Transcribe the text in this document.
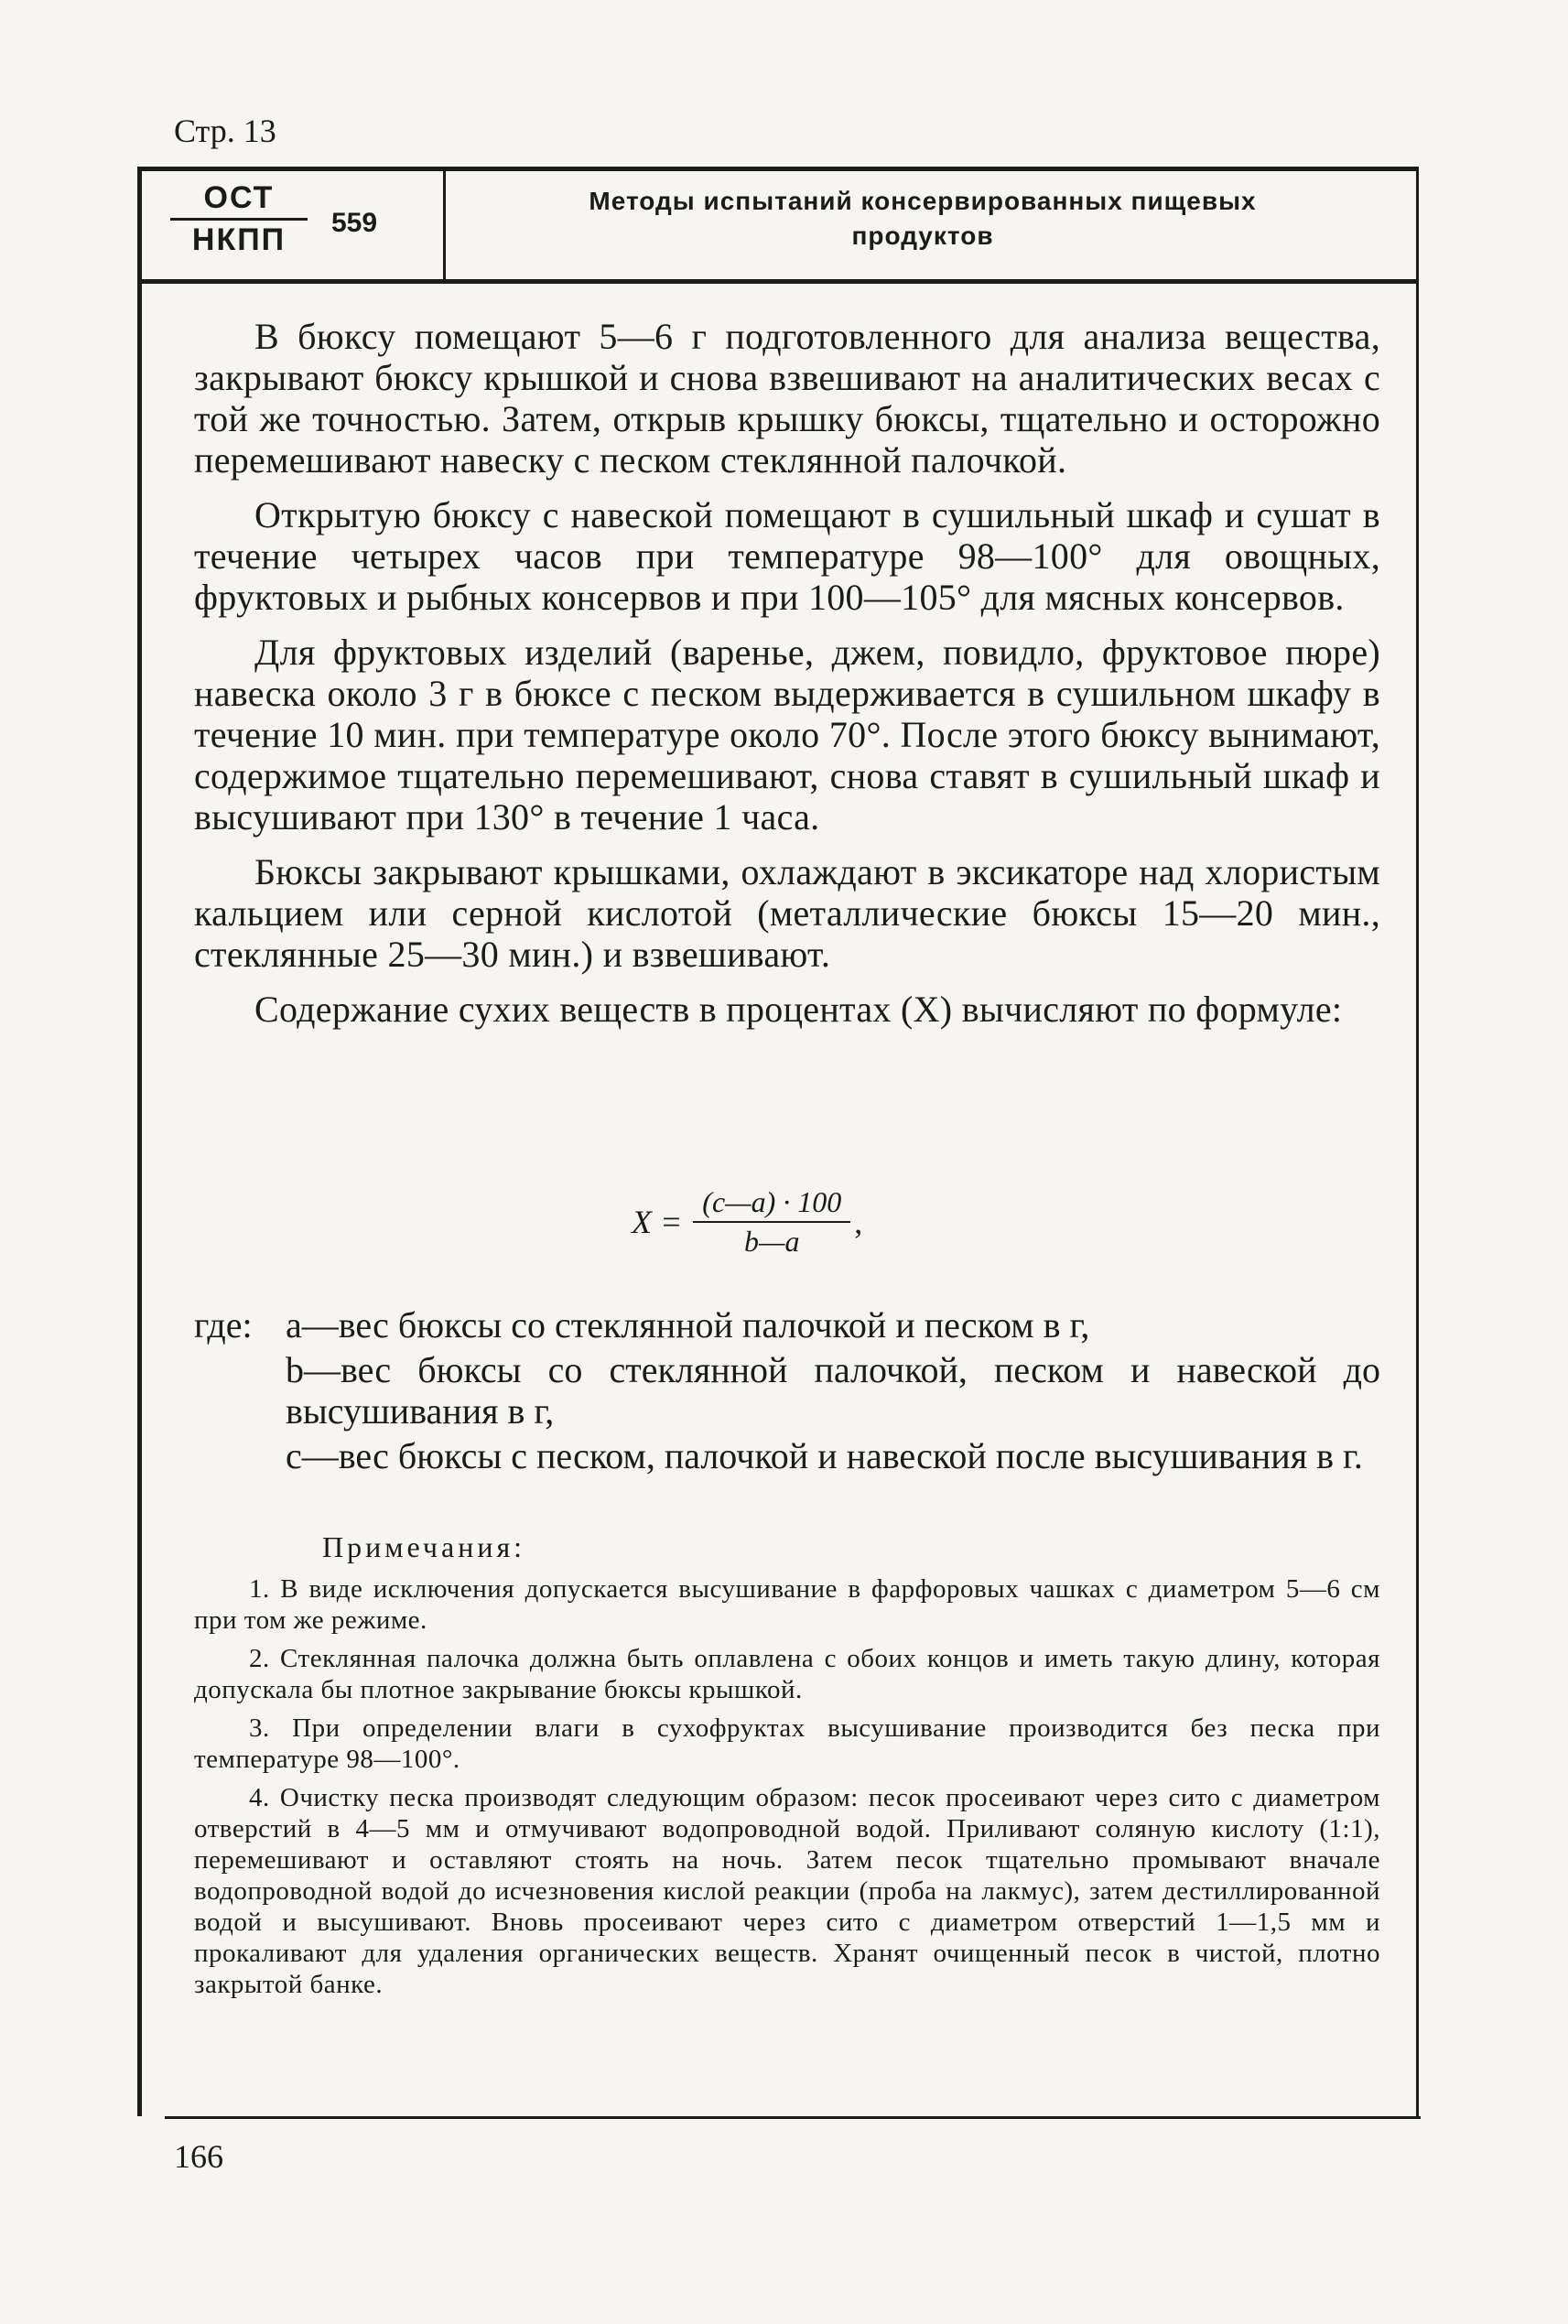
Стр. 13
ОСТ
НКПП	559
Методы испытаний консервированных пищевых
продуктов

В бюксу помещают 5—6 г подготовленного для анализа вещества, закрывают бюксу крышкой и снова взвешивают на аналитических весах с той же точностью. Затем, открыв крышку бюксы, тщательно и осторожно перемешивают навеску с песком стеклянной палочкой.

Открытую бюксу с навеской помещают в сушильный шкаф и сушат в течение четырех часов при температуре 98—100° для овощных, фруктовых и рыбных консервов и при 100—105° для мясных консервов.

Для фруктовых изделий (варенье, джем, повидло, фруктовое пюре) навеска около 3 г в бюксе с песком выдерживается в сушильном шкафу в течение 10 мин. при температуре около 70°. После этого бюксу вынимают, содержимое тщательно перемешивают, снова ставят в сушильный шкаф и высушивают при 130° в течение 1 часа.

Бюксы закрывают крышками, охлаждают в эксикаторе над хлористым кальцием или серной кислотой (металлические бюксы 15—20 мин., стеклянные 25—30 мин.) и взвешивают.

Содержание сухих веществ в процентах (X) вычисляют по формуле:

$X = \frac{(c—a) \cdot 100}{b—a}$ ,
где: a—вес бюксы со стеклянной палочкой и песком в г,
b—вес бюксы со стеклянной палочкой, песком и навеской до высушивания в г,
c—вес бюксы с песком, палочкой и навеской после высушивания в г.
Примечания:

1. В виде исключения допускается высушивание в фарфоровых чашках с диаметром 5—6 см при том же режиме.

2. Стеклянная палочка должна быть оплавлена с обоих концов и иметь такую длину, которая допускала бы плотное закрывание бюксы крышкой.

3. При определении влаги в сухофруктах высушивание производится без песка при температуре 98—100°.

4. Очистку песка производят следующим образом: песок просеивают через сито с диаметром отверстий в 4—5 мм и отмучивают водопроводной водой. Приливают соляную кислоту (1:1), перемешивают и оставляют стоять на ночь. Затем песок тщательно промывают вначале водопроводной водой до исчезновения кислой реакции (проба на лакмус), затем дестиллированной водой и высушивают. Вновь просеивают через сито с диаметром отверстий 1—1,5 мм и прокаливают для удаления органических веществ. Хранят очищенный песок в чистой, плотно закрытой банке.

166
